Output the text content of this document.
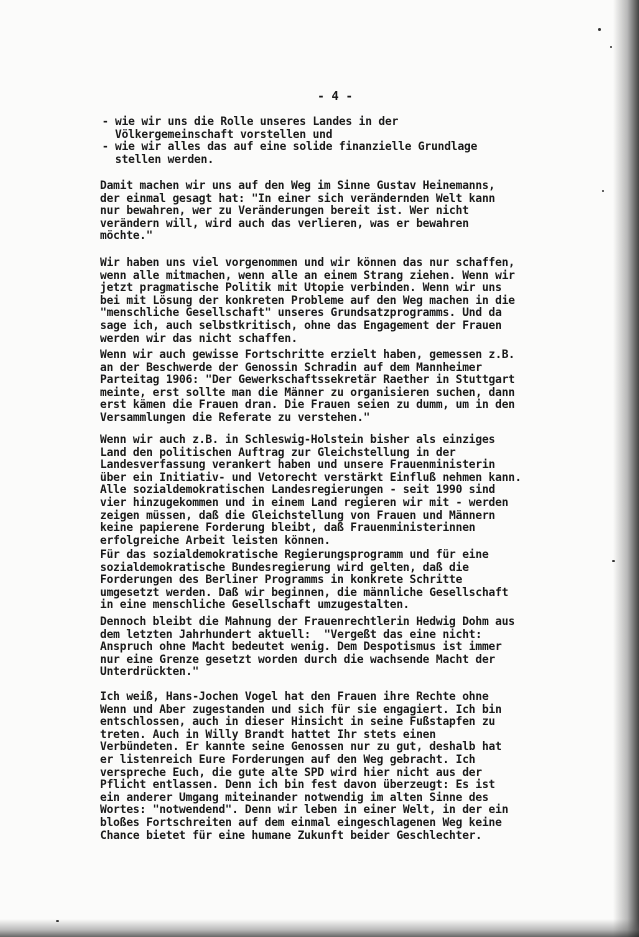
- 4 -
- wie wir uns die Rolle unseres Landes in der
Völkergemeinschaft vorstellen und
- wie wir alles das auf eine solide finanzielle Grundlage
stellen werden.

Damit machen wir uns auf den Weg im Sinne Gustav Heinemanns,
der einmal gesagt hat: "In einer sich verändernden Welt kann
nur bewahren, wer zu Veränderungen bereit ist. Wer nicht
verändern will, wird auch das verlieren, was er bewahren
möchte."

Wir haben uns viel vorgenommen und wir können das nur schaffen,
wenn alle mitmachen, wenn alle an einem Strang ziehen. Wenn wir
jetzt pragmatische Politik mit Utopie verbinden. Wenn wir uns
bei mit Lösung der konkreten Probleme auf den Weg machen in die
"menschliche Gesellschaft" unseres Grundsatzprogramms. Und da
sage ich, auch selbstkritisch, ohne das Engagement der Frauen
werden wir das nicht schaffen.

Wenn wir auch gewisse Fortschritte erzielt haben, gemessen z.B.
an der Beschwerde der Genossin Schradin auf dem Mannheimer
Parteitag 1906: "Der Gewerkschaftssekretär Raether in Stuttgart
meinte, erst sollte man die Männer zu organisieren suchen, dann
erst kämen die Frauen dran. Die Frauen seien zu dumm, um in den
Versammlungen die Referate zu verstehen."

Wenn wir auch z.B. in Schleswig-Holstein bisher als einziges
Land den politischen Auftrag zur Gleichstellung in der
Landesverfassung verankert haben und unsere Frauenministerin
über ein Initiativ- und Vetorecht verstärkt Einfluß nehmen kann.
Alle sozialdemokratischen Landesregierungen - seit 1990 sind
vier hinzugekommen und in einem Land regieren wir mit - werden
zeigen müssen, daß die Gleichstellung von Frauen und Männern
keine papierene Forderung bleibt, daß Frauenministerinnen
erfolgreiche Arbeit leisten können.

Für das sozialdemokratische Regierungsprogramm und für eine
sozialdemokratische Bundesregierung wird gelten, daß die
Forderungen des Berliner Programms in konkrete Schritte
umgesetzt werden. Daß wir beginnen, die männliche Gesellschaft
in eine menschliche Gesellschaft umzugestalten.

Dennoch bleibt die Mahnung der Frauenrechtlerin Hedwig Dohm aus
dem letzten Jahrhundert aktuell:  "Vergeßt das eine nicht:
Anspruch ohne Macht bedeutet wenig. Dem Despotismus ist immer
nur eine Grenze gesetzt worden durch die wachsende Macht der
Unterdrückten."

Ich weiß, Hans-Jochen Vogel hat den Frauen ihre Rechte ohne
Wenn und Aber zugestanden und sich für sie engagiert. Ich bin
entschlossen, auch in dieser Hinsicht in seine Fußstapfen zu
treten. Auch in Willy Brandt hattet Ihr stets einen
Verbündeten. Er kannte seine Genossen nur zu gut, deshalb hat
er listenreich Eure Forderungen auf den Weg gebracht. Ich
verspreche Euch, die gute alte SPD wird hier nicht aus der
Pflicht entlassen. Denn ich bin fest davon überzeugt: Es ist
ein anderer Umgang miteinander notwendig im alten Sinne des
Wortes: "notwendend". Denn wir leben in einer Welt, in der ein
bloßes Fortschreiten auf dem einmal eingeschlagenen Weg keine
Chance bietet für eine humane Zukunft beider Geschlechter.
